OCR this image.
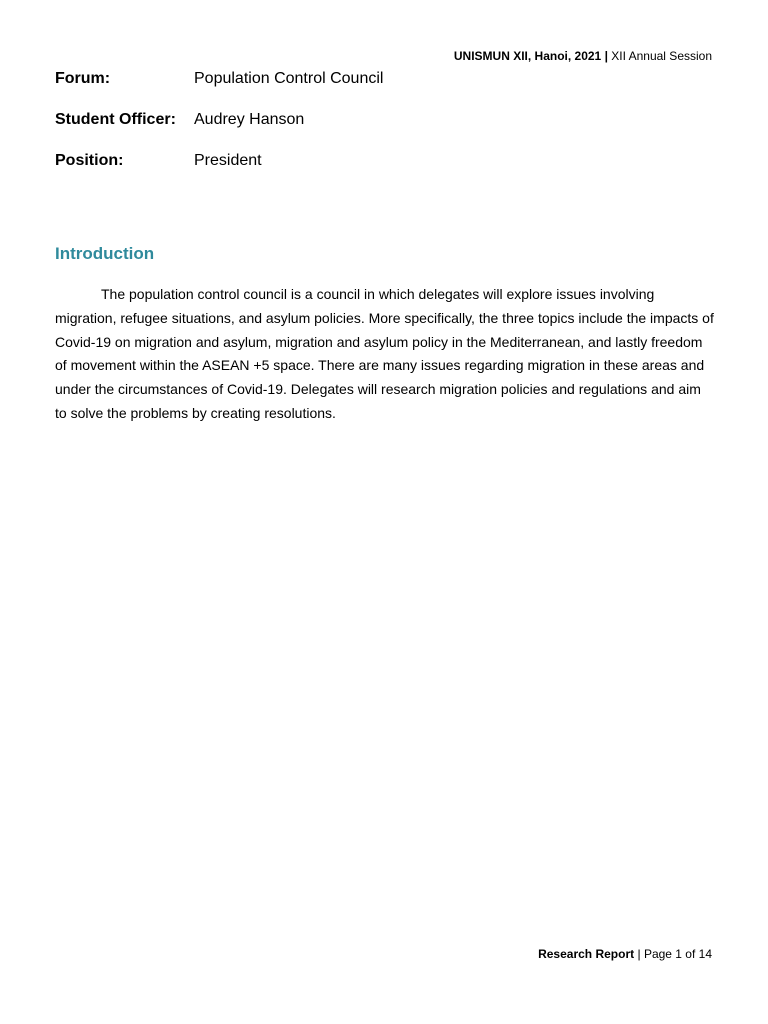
UNISMUN XII, Hanoi, 2021 | XII Annual Session
Forum:	Population Control Council
Student Officer:	Audrey Hanson
Position:	President
Introduction

The population control council is a council in which delegates will explore issues involving migration, refugee situations, and asylum policies. More specifically, the three topics include the impacts of Covid-19 on migration and asylum, migration and asylum policy in the Mediterranean, and lastly freedom of movement within the ASEAN +5 space. There are many issues regarding migration in these areas and under the circumstances of Covid-19. Delegates will research migration policies and regulations and aim to solve the problems by creating resolutions.

Research Report | Page 1 of 14
